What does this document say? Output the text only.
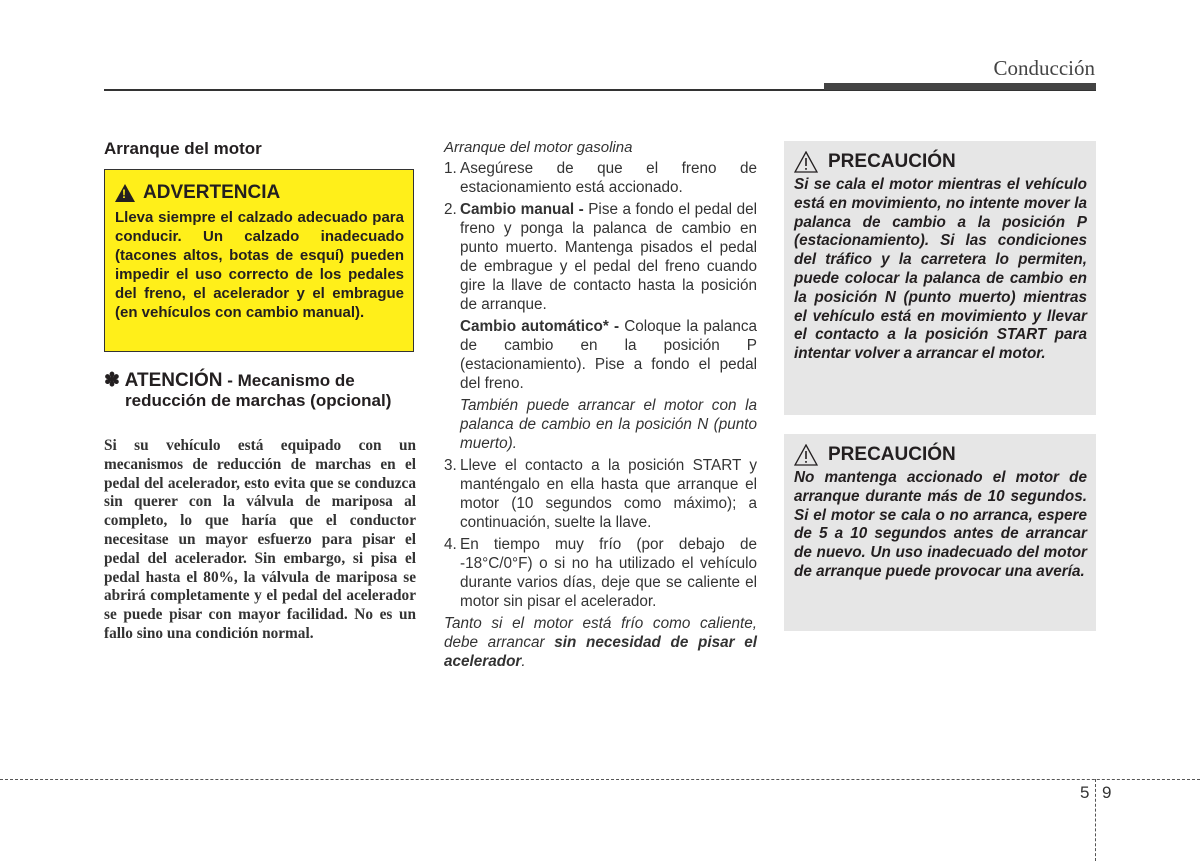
Conducción
Arranque del motor
!
ADVERTENCIA
Lleva siempre el calzado adecuado para conducir. Un calzado inadecuado (tacones altos, botas de esquí) pueden impedir el uso correcto de los pedales del freno, el acelerador y el embrague (en vehículos con cambio manual).
✽ ATENCIÓN - Mecanismo de
reducción de marchas (opcional)
Si su vehículo está equipado con un mecanismos de reducción de marchas en el pedal del acelerador, esto evita que se conduzca sin querer con la válvula de mariposa al completo, lo que haría que el conductor necesitase un mayor esfuerzo para pisar el pedal del acelerador. Sin embargo, si pisa el pedal hasta el 80%, la válvula de mariposa se abrirá completamente y el pedal del acelerador se puede pisar con mayor facilidad. No es un fallo sino una condición normal.
Arranque del motor gasolina
1. Asegúrese de que el freno de estacionamiento está accionado.
2. Cambio manual - Pise a fondo el pedal del freno y ponga la palanca de cambio en punto muerto. Mantenga pisados el pedal de embrague y el pedal del freno cuando gire la llave de contacto hasta la posición de arranque.
Cambio automático* - Coloque la palanca de cambio en la posición P (estacionamiento). Pise a fondo el pedal del freno.
También puede arrancar el motor con la palanca de cambio en la posición N (punto muerto).
3. Lleve el contacto a la posición START y manténgalo en ella hasta que arranque el motor (10 segundos como máximo); a continuación, suelte la llave.
4. En tiempo muy frío (por debajo de -18°C/0°F) o si no ha utilizado el vehículo durante varios días, deje que se caliente el motor sin pisar el acelerador.
Tanto si el motor está frío como caliente, debe arrancar sin necesidad de pisar el acelerador.
PRECAUCIÓN
Si se cala el motor mientras el vehículo está en movimiento, no intente mover la palanca de cambio a la posición P (estacionamiento). Si las condiciones del tráfico y la carretera lo permiten, puede colocar la palanca de cambio en la posición N (punto muerto) mientras el vehículo está en movimiento y llevar el contacto a la posición START para intentar volver a arrancar el motor.
PRECAUCIÓN
No mantenga accionado el motor de arranque durante más de 10 segundos. Si el motor se cala o no arranca, espere de 5 a 10 segundos antes de arrancar de nuevo. Un uso inadecuado del motor de arranque puede provocar una avería.
5 9
